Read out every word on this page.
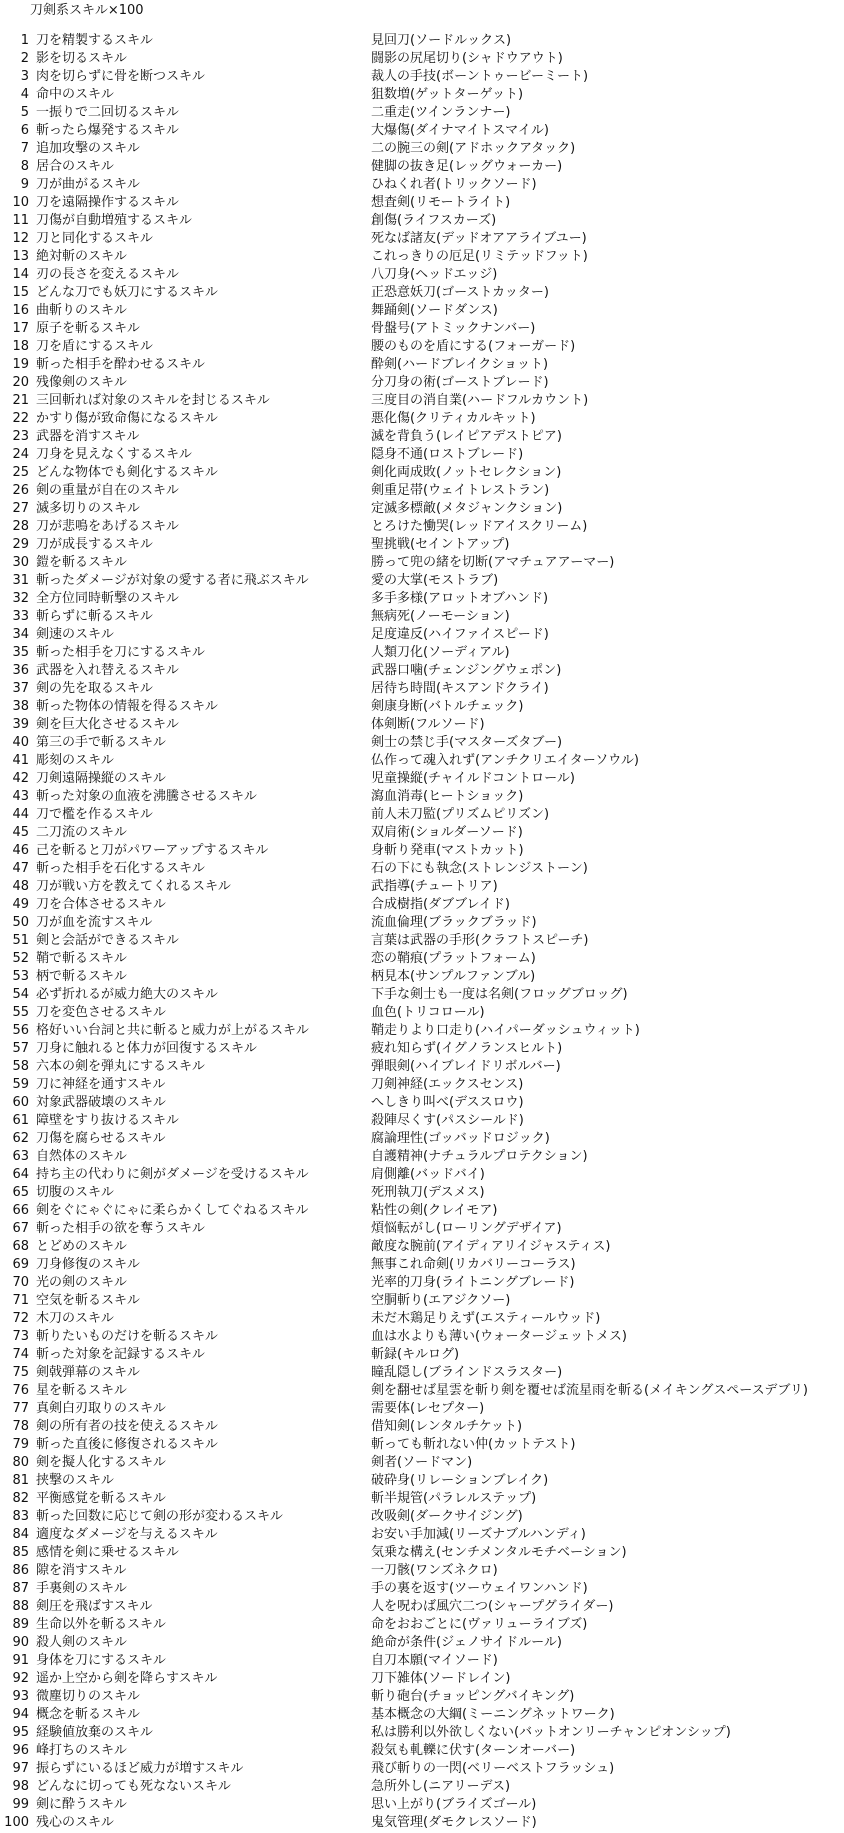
刀剣系スキル×100
1 刀を精製するスキル	見回刀(ソードルックス)
2 影を切るスキル	闘影の尻尾切り(シャドウアウト)
3 肉を切らずに骨を断つスキル	裁人の手技(ボーントゥービーミート)
4 命中のスキル	狙数増(ゲットターゲット)
5 一振りで二回切るスキル	二重走(ツインランナー)
6 斬ったら爆発するスキル	大爆傷(ダイナマイトスマイル)
7 追加攻撃のスキル	二の腕三の剣(アドホックアタック)
8 居合のスキル	健脚の抜き足(レッグウォーカー)
9 刀が曲がるスキル	ひねくれ者(トリックソード)
10 刀を遠隔操作するスキル	想査剣(リモートライト)
11 刀傷が自動増殖するスキル	創傷(ライフスカーズ)
12 刀と同化するスキル	死なば諸友(デッドオアアライブユー)
13 絶対斬のスキル	これっきりの厄足(リミテッドフット)
14 刃の長さを変えるスキル	八刀身(ヘッドエッジ)
15 どんな刀でも妖刀にするスキル	正恐意妖刀(ゴーストカッター)
16 曲斬りのスキル	舞踊剣(ソードダンス)
17 原子を斬るスキル	骨盤号(アトミックナンバー)
18 刀を盾にするスキル	腰のものを盾にする(フォーガード)
19 斬った相手を酔わせるスキル	酔剣(ハードブレイクショット)
20 残像剣のスキル	分刀身の術(ゴーストブレード)
21 三回斬れば対象のスキルを封じるスキル	三度目の消自業(ハードフルカウント)
22 かすり傷が致命傷になるスキル	悪化傷(クリティカルキット)
23 武器を消すスキル	滅を背負う(レイピアデストピア)
24 刀身を見えなくするスキル	隠身不通(ロストブレード)
25 どんな物体でも剣化するスキル	剣化両成敗(ノットセレクション)
26 剣の重量が自在のスキル	剣重足帯(ウェイトレストラン)
27 滅多切りのスキル	定滅多標敵(メタジャンクション)
28 刀が悲鳴をあげるスキル	とろけた慟哭(レッドアイスクリーム)
29 刀が成長するスキル	聖挑戦(セイントアップ)
30 鎧を斬るスキル	勝って兜の緒を切断(アマチュアアーマー)
31 斬ったダメージが対象の愛する者に飛ぶスキル	愛の大掌(モストラブ)
32 全方位同時斬撃のスキル	多手多様(アロットオブハンド)
33 斬らずに斬るスキル	無病死(ノーモーション)
34 剣速のスキル	足度違反(ハイファイスピード)
35 斬った相手を刀にするスキル	人類刀化(ソーディアル)
36 武器を入れ替えるスキル	武器口噛(チェンジングウェポン)
37 剣の先を取るスキル	居待ち時間(キスアンドクライ)
38 斬った物体の情報を得るスキル	剣康身断(バトルチェック)
39 剣を巨大化させるスキル	体剣断(フルソード)
40 第三の手で斬るスキル	剣士の禁じ手(マスターズタブー)
41 彫刻のスキル	仏作って魂入れず(アンチクリエイターソウル)
42 刀剣遠隔操縦のスキル	児童操縦(チャイルドコントロール)
43 斬った対象の血液を沸騰させるスキル	瀉血消毒(ヒートショック)
44 刀で檻を作るスキル	前人未刀監(プリズムピリズン)
45 二刀流のスキル	双肩術(ショルダーソード)
46 己を斬ると刀がパワーアップするスキル	身斬り発車(マストカット)
47 斬った相手を石化するスキル	石の下にも執念(ストレンジストーン)
48 刀が戦い方を教えてくれるスキル	武指導(チュートリア)
49 刀を合体させるスキル	合成樹指(ダブブレイド)
50 刀が血を流すスキル	流血倫理(ブラックブラッド)
51 剣と会話ができるスキル	言葉は武器の手形(クラフトスピーチ)
52 鞘で斬るスキル	恋の鞘痕(プラットフォーム)
53 柄で斬るスキル	柄見本(サンプルファンブル)
54 必ず折れるが威力絶大のスキル	下手な剣士も一度は名剣(フロッグブロッグ)
55 刀を変色させるスキル	血色(トリコロール)
56 格好いい台詞と共に斬ると威力が上がるスキル	鞘走りより口走り(ハイパーダッシュウィット)
57 刀身に触れると体力が回復するスキル	疲れ知らず(イグノランスヒルト)
58 六本の剣を弾丸にするスキル	弾眼剣(ハイブレイドリボルバー)
59 刀に神経を通すスキル	刀剣神経(エックスセンス)
60 対象武器破壊のスキル	へしきり叫べ(デススロウ)
61 障壁をすり抜けるスキル	殺陣尽くす(パスシールド)
62 刀傷を腐らせるスキル	腐論理性(ゴッバッドロジック)
63 自然体のスキル	自護精神(ナチュラルプロテクション)
64 持ち主の代わりに剣がダメージを受けるスキル	肩側離(バッドバイ)
65 切腹のスキル	死刑執刀(デスメス)
66 剣をぐにゃぐにゃに柔らかくしてぐねるスキル	粘性の剣(クレイモア)
67 斬った相手の欲を奪うスキル	煩悩転がし(ローリングデザイア)
68 とどめのスキル	敵度な腕前(アイディアリイジャスティス)
69 刀身修復のスキル	無事これ命剣(リカバリーコーラス)
70 光の剣のスキル	光率的刀身(ライトニングブレード)
71 空気を斬るスキル	空胴斬り(エアジクソー)
72 木刀のスキル	未だ木鶏足りえず(エスティールウッド)
73 斬りたいものだけを斬るスキル	血は水よりも薄い(ウォータージェットメス)
74 斬った対象を記録するスキル	斬録(キルログ)
75 剣戟弾幕のスキル	瞳乱隠し(ブラインドスラスター)
76 星を斬るスキル	剣を翻せば星雲を斬り剣を覆せば流星雨を斬る(メイキングスペースデブリ)
77 真剣白刃取りのスキル	需要体(レセプター)
78 剣の所有者の技を使えるスキル	借知剣(レンタルチケット)
79 斬った直後に修復されるスキル	斬っても斬れない仲(カットテスト)
80 剣を擬人化するスキル	剣者(ソードマン)
81 挟撃のスキル	破砕身(リレーションブレイク)
82 平衡感覚を斬るスキル	斬半規管(パラレルステップ)
83 斬った回数に応じて剣の形が変わるスキル	改吸剣(ダークサイジング)
84 適度なダメージを与えるスキル	お安い手加減(リーズナブルハンディ)
85 感情を剣に乗せるスキル	気乗な構え(センチメンタルモチベーション)
86 隙を消すスキル	一刀骸(ワンズネクロ)
87 手裏剣のスキル	手の裏を返す(ツーウェイワンハンド)
88 剣圧を飛ばすスキル	人を呪わば風穴二つ(シャープグライダー)
89 生命以外を斬るスキル	命をおおごとに(ヴァリューライブズ)
90 殺人剣のスキル	絶命が条件(ジェノサイドルール)
91 身体を刀にするスキル	自刀本願(マイソード)
92 遥か上空から剣を降らすスキル	刀下雑体(ソードレイン)
93 微塵切りのスキル	斬り砲台(チョッピングバイキング)
94 概念を斬るスキル	基本概念の大綱(ミーニングネットワーク)
95 経験値放棄のスキル	私は勝利以外欲しくない(バットオンリーチャンピオンシップ)
96 峰打ちのスキル	殺気も軋轢に伏す(ターンオーバー)
97 振らずにいるほど威力が増すスキル	飛び斬りの一閃(ベリーベストフラッシュ)
98 どんなに切っても死なないスキル	急所外し(ニアリーデス)
99 剣に酔うスキル	思い上がり(ブライズゴール)
100 残心のスキル	鬼気管理(ダモクレスソード)
